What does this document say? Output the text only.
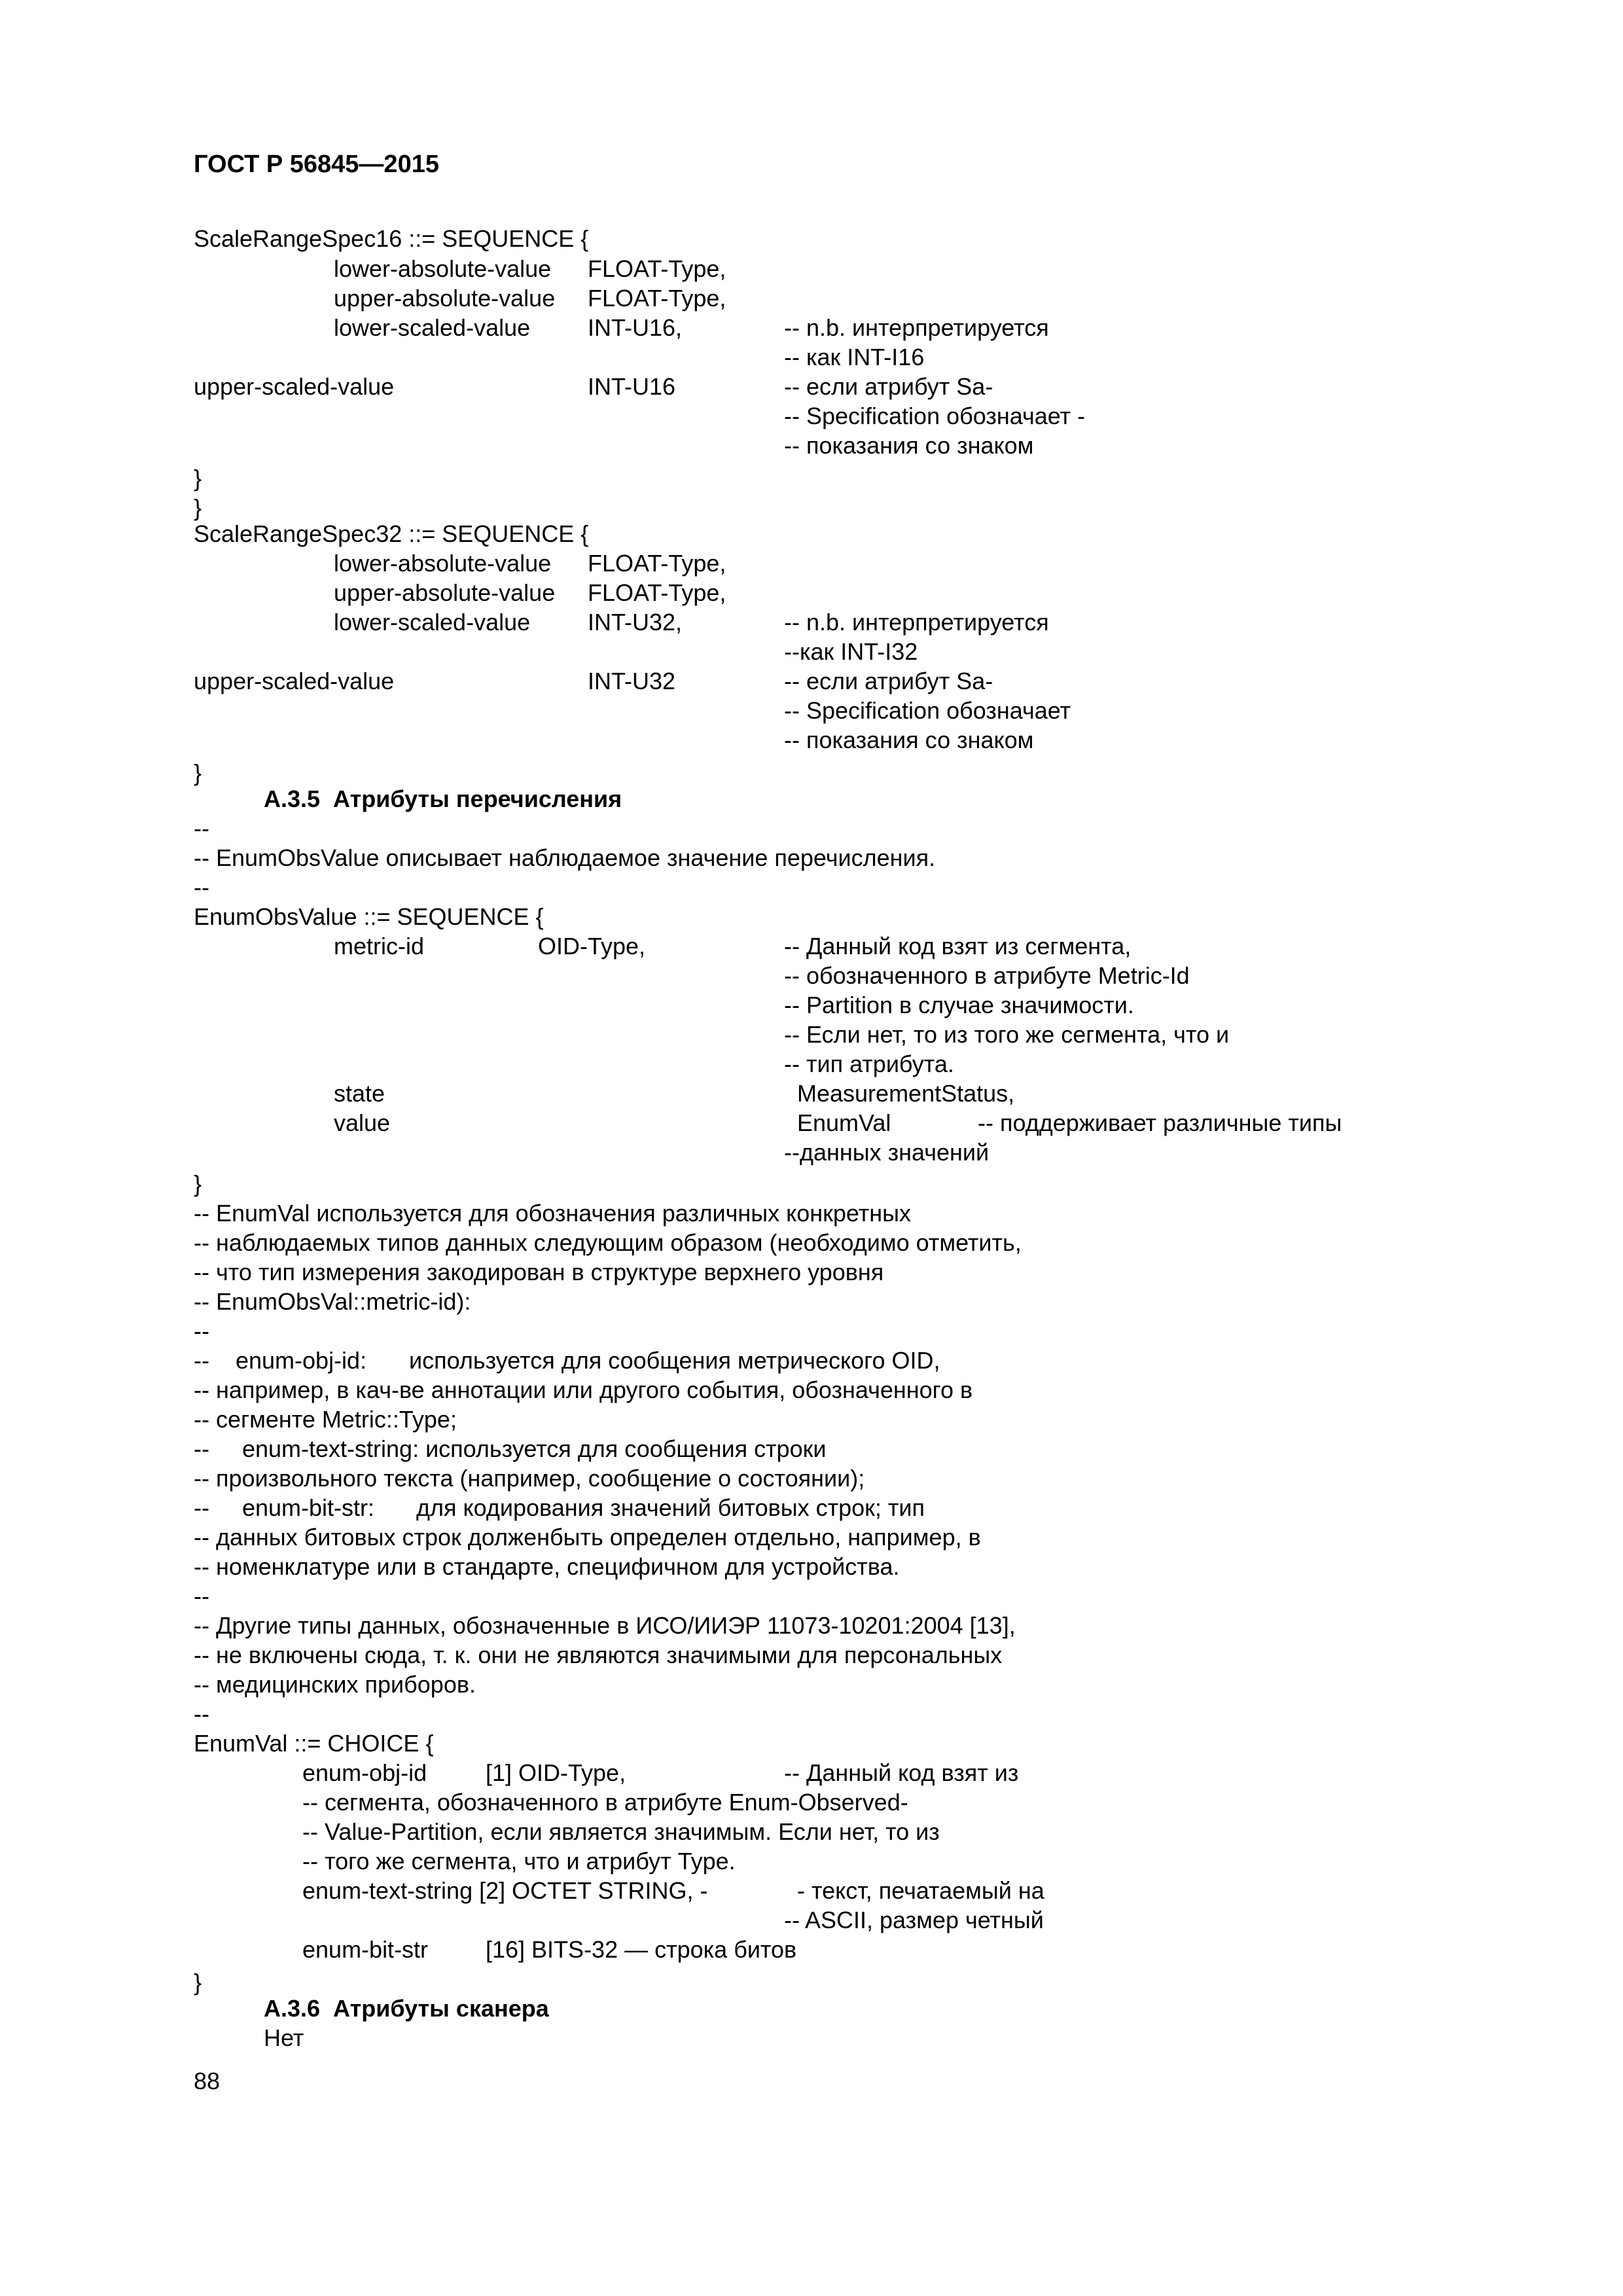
ГОСТ Р 56845—2015
ScaleRangeSpec16 ::= SEQUENCE {
lower-absolute-value FLOAT-Type,
upper-absolute-value FLOAT-Type,
lower-scaled-value INT-U16,	-- n.b. интерпретируется
-- как INT-I16
upper-scaled-value	INT-U16	-- если атрибут Sa-
-- Specification обозначает -
-- показания со знаком
}
}
ScaleRangeSpec32 ::= SEQUENCE {
lower-absolute-value FLOAT-Type,
upper-absolute-value FLOAT-Type,
lower-scaled-value INT-U32,	-- n.b. интерпретируется
--как INT-I32
upper-scaled-value	INT-U32	-- если атрибут Sa-
-- Specification обозначает
-- показания со знаком
}
А.3.5  Атрибуты перечисления
--
-- EnumObsValue описывает наблюдаемое значение перечисления.
--
EnumObsValue ::= SEQUENCE {
metric-id	OID-Type,	-- Данный код взят из сегмента,
-- обозначенного в атрибуте Metric-Id
-- Partition в случае значимости.
-- Если нет, то из того же сегмента, что и
-- тип атрибута.
state	MeasurementStatus,
value	EnumVal	-- поддерживает различные типы
--данных значений
}
-- EnumVal используется для обозначения различных конкретных
-- наблюдаемых типов данных следующим образом (необходимо отметить,
-- что тип измерения закодирован в структуре верхнего уровня
-- EnumObsVal::metric-id):
--
--    enum-obj-id: используется для сообщения метрического OID,
-- например, в кач-ве аннотации или другого события, обозначенного в
-- сегменте Metric::Type;
--     enum-text-string: используется для сообщения строки
-- произвольного текста (например, сообщение о состоянии);
--     enum-bit-str: для кодирования значений битовых строк; тип
-- данных битовых строк долженбыть определен отдельно, например, в
-- номенклатуре или в стандарте, специфичном для устройства.
--
-- Другие типы данных, обозначенные в ИСО/ИИЭР 11073-10201:2004 [13],
-- не включены сюда, т. к. они не являются значимыми для персональных
-- медицинских приборов.
--
EnumVal ::= CHOICE {
enum-obj-id [1] OID-Type,	-- Данный код взят из
-- сегмента, обозначенного в атрибуте Enum-Observed-
-- Value-Partition, если является значимым. Если нет, то из
-- того же сегмента, что и атрибут Type.
enum-text-string [2] OCTET STRING, -	- текст, печатаемый на
-- ASCII, размер четный
enum-bit-str [16] BITS-32 — строка битов
}
А.3.6  Атрибуты сканера
Нет
88
